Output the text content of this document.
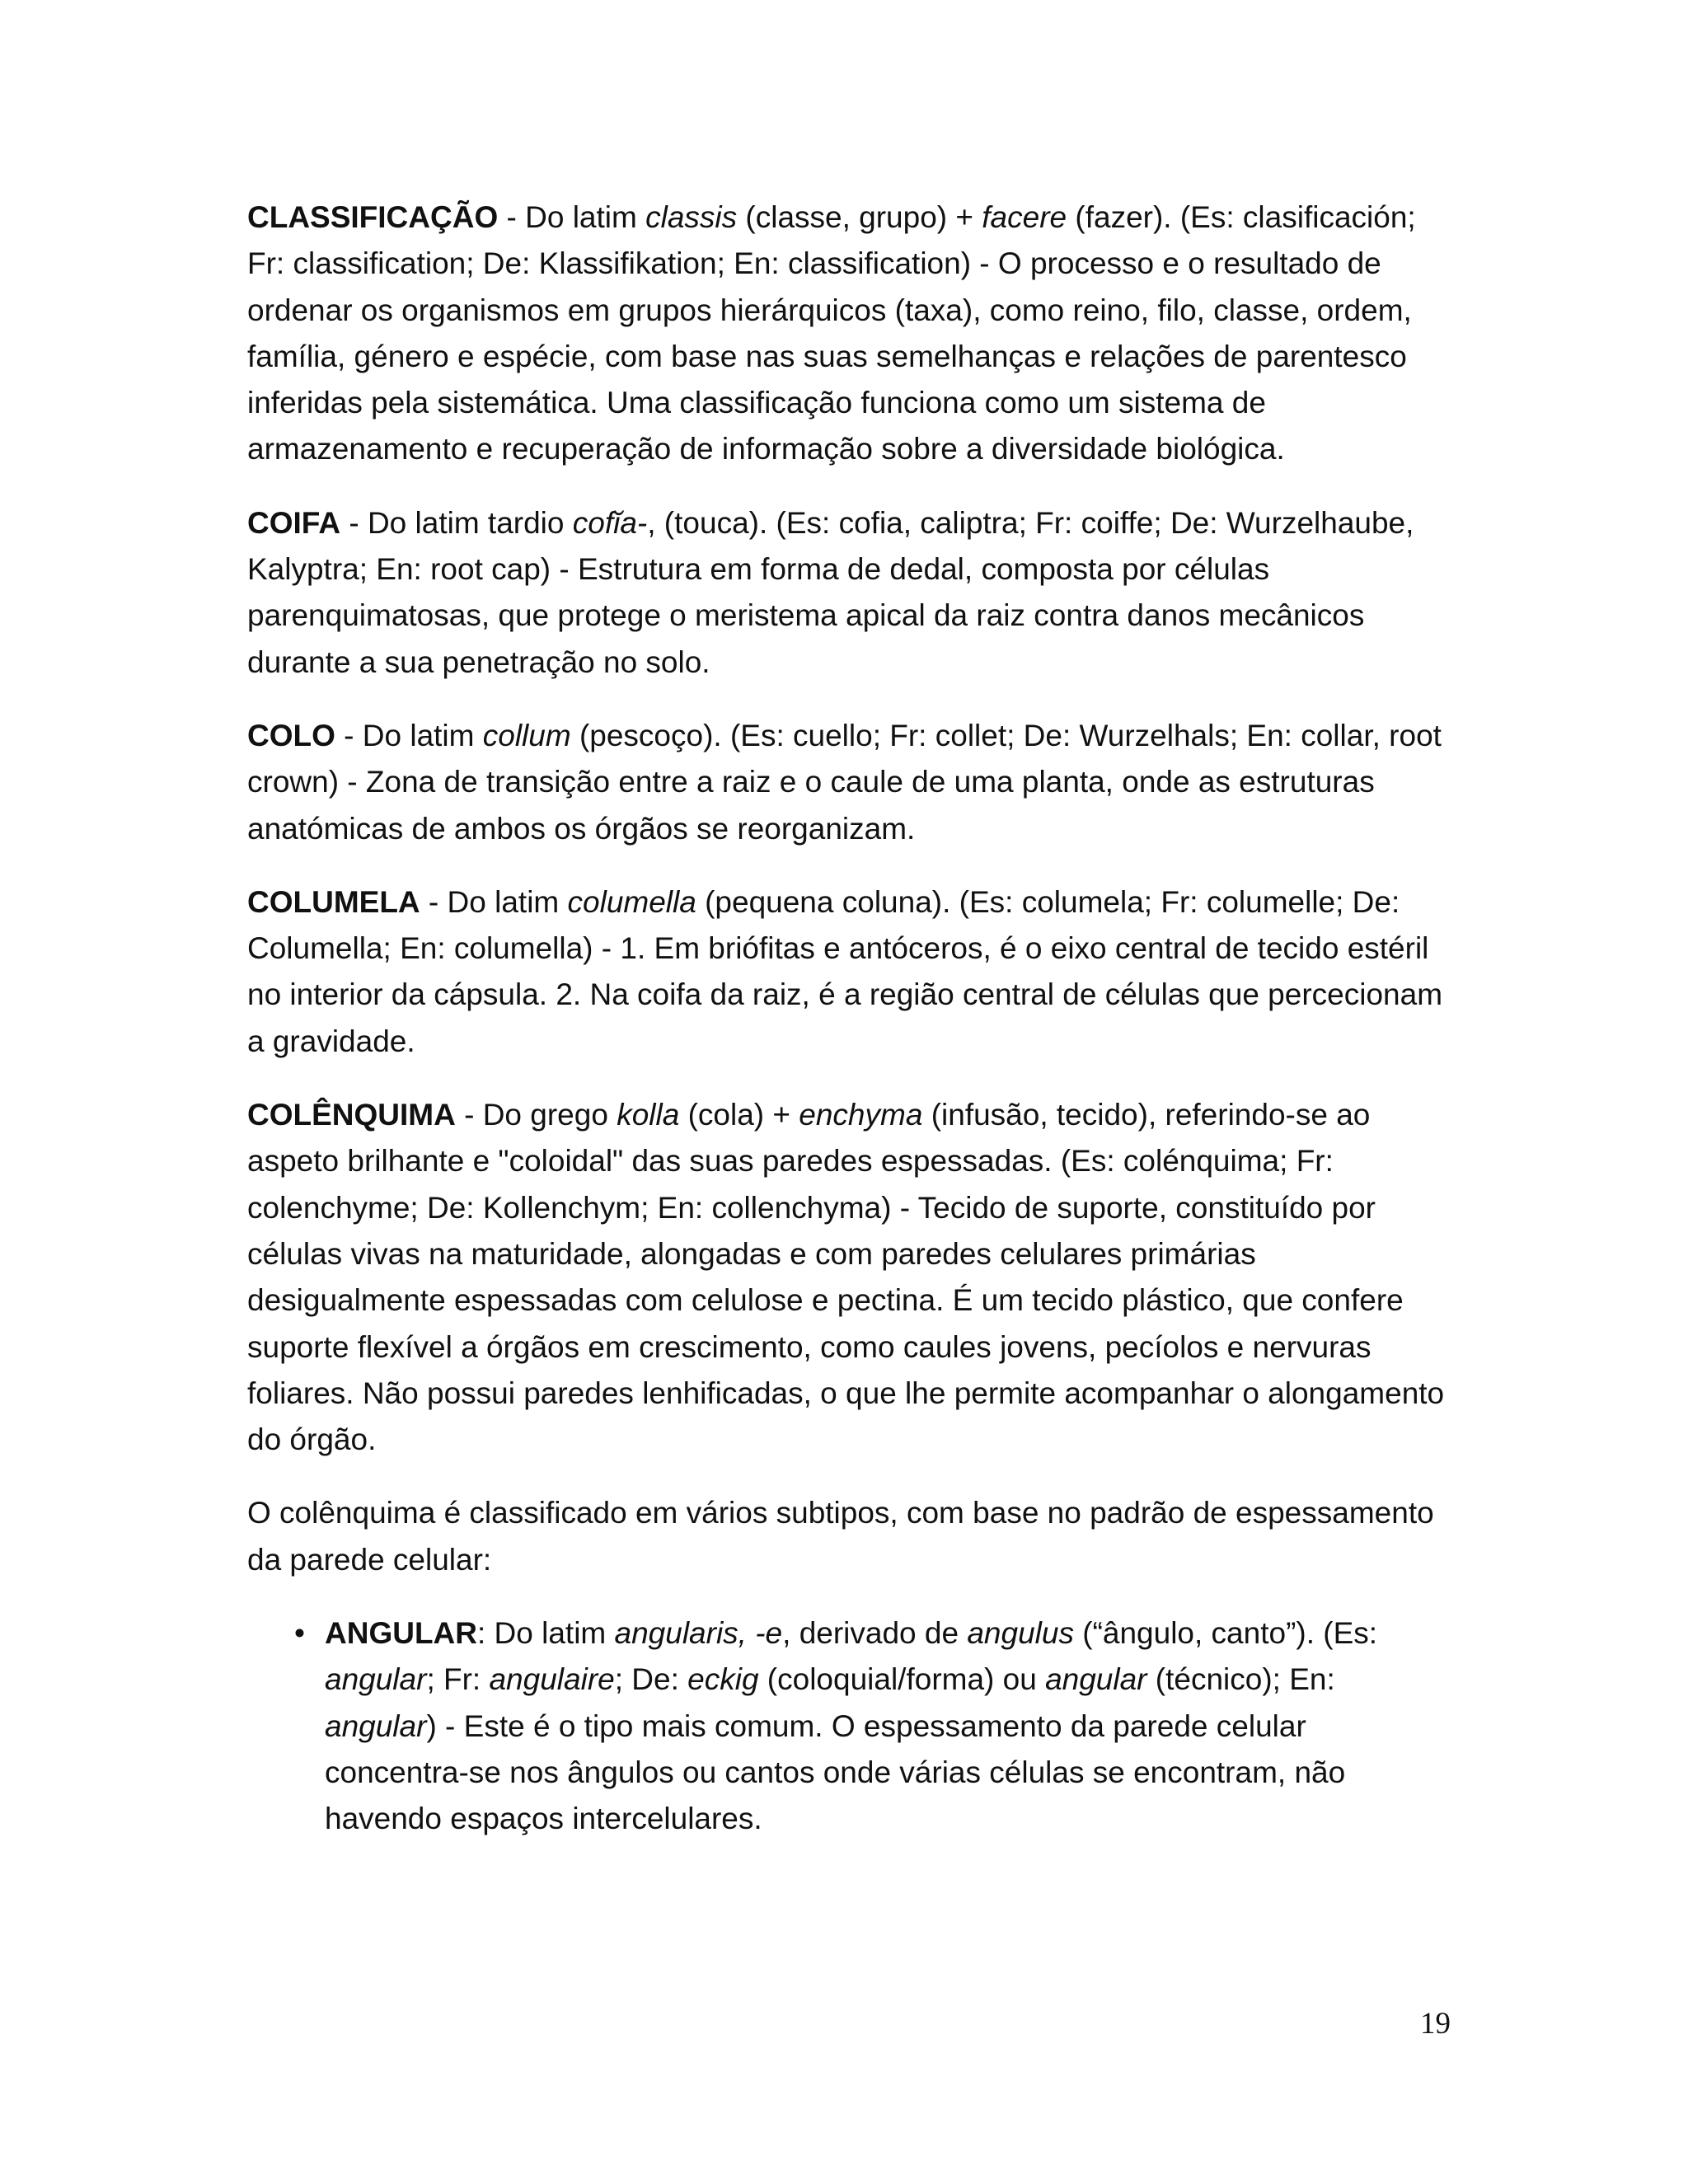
CLASSIFICAÇÃO - Do latim classis (classe, grupo) + facere (fazer). (Es: clasificación; Fr: classification; De: Klassifikation; En: classification) - O processo e o resultado de ordenar os organismos em grupos hierárquicos (taxa), como reino, filo, classe, ordem, família, género e espécie, com base nas suas semelhanças e relações de parentesco inferidas pela sistemática. Uma classificação funciona como um sistema de armazenamento e recuperação de informação sobre a diversidade biológica.

COIFA - Do latim tardio cofĭa-, (touca). (Es: cofia, caliptra; Fr: coiffe; De: Wurzelhaube, Kalyptra; En: root cap) - Estrutura em forma de dedal, composta por células parenquimatosas, que protege o meristema apical da raiz contra danos mecânicos durante a sua penetração no solo.

COLO - Do latim collum (pescoço). (Es: cuello; Fr: collet; De: Wurzelhals; En: collar, root crown) - Zona de transição entre a raiz e o caule de uma planta, onde as estruturas anatómicas de ambos os órgãos se reorganizam.

COLUMELA - Do latim columella (pequena coluna). (Es: columela; Fr: columelle; De: Columella; En: columella) - 1. Em briófitas e antóceros, é o eixo central de tecido estéril no interior da cápsula. 2. Na coifa da raiz, é a região central de células que percecionam a gravidade.

COLÊNQUIMA - Do grego kolla (cola) + enchyma (infusão, tecido), referindo-se ao aspeto brilhante e "coloidal" das suas paredes espessadas. (Es: colénquima; Fr: colenchyme; De: Kollenchym; En: collenchyma) - Tecido de suporte, constituído por células vivas na maturidade, alongadas e com paredes celulares primárias desigualmente espessadas com celulose e pectina. É um tecido plástico, que confere suporte flexível a órgãos em crescimento, como caules jovens, pecíolos e nervuras foliares. Não possui paredes lenhificadas, o que lhe permite acompanhar o alongamento do órgão.

O colênquima é classificado em vários subtipos, com base no padrão de espessamento da parede celular:

• ANGULAR: Do latim angularis, -e, derivado de angulus (“ângulo, canto”). (Es: angular; Fr: angulaire; De: eckig (coloquial/forma) ou angular (técnico); En: angular) - Este é o tipo mais comum. O espessamento da parede celular concentra-se nos ângulos ou cantos onde várias células se encontram, não havendo espaços intercelulares.
19
